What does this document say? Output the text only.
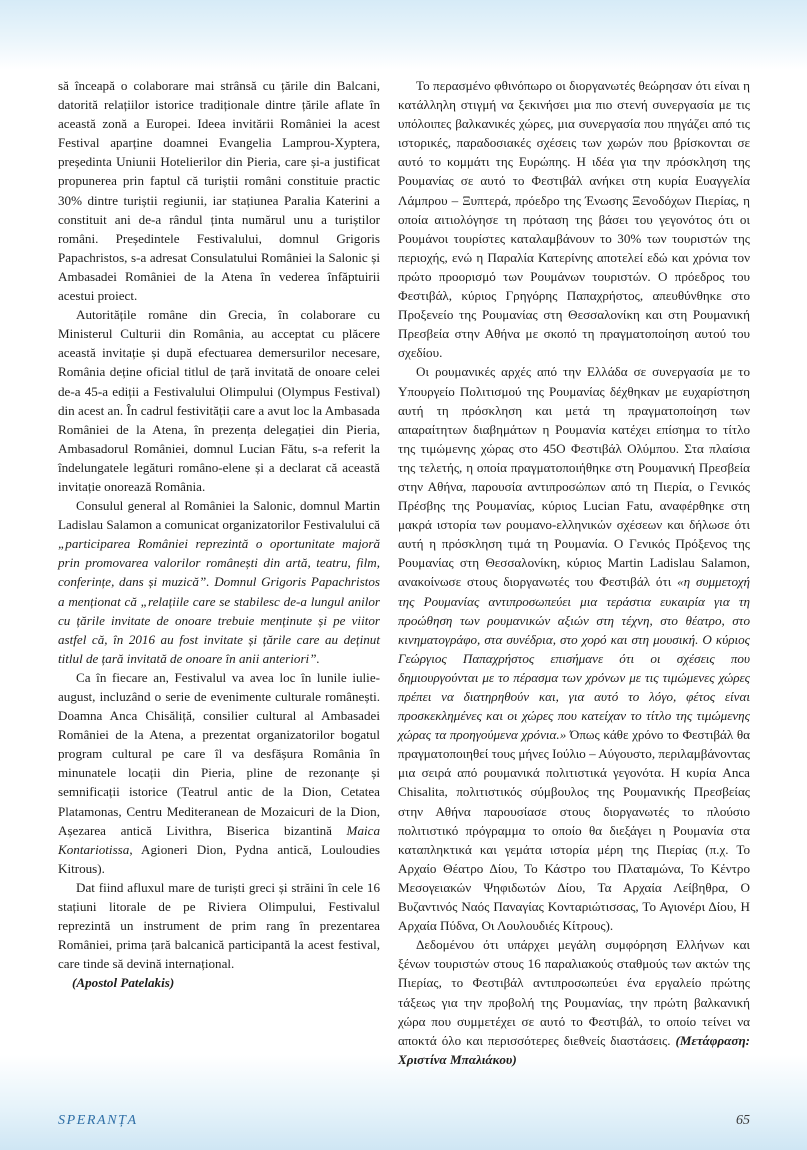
să înceapă o colaborare mai strânsă cu țările din Balcani, datorită relațiilor istorice tradiționale dintre țările aflate în această zonă a Europei. Ideea invitării României la acest Festival aparține doamnei Evangelia Lamprou-Xyptera, președinta Uniunii Hotelierilor din Pieria, care și-a justificat propunerea prin faptul că turiștii români constituie practic 30% dintre turiștii regiunii, iar stațiunea Paralia Katerini a constituit ani de-a rândul ținta numărul unu a turiștilor români. Președintele Festivalului, domnul Grigoris Papachristos, s-a adresat Consulatului României la Salonic și Ambasadei României de la Atena în vederea înfăptuirii acestui proiect.

Autoritățile române din Grecia, în colaborare cu Ministerul Culturii din România, au acceptat cu plăcere această invitație și după efectuarea demersurilor necesare, România deține oficial titlul de țară invitată de onoare celei de-a 45-a ediții a Festivalului Olimpului (Olympus Festival) din acest an. În cadrul festivității care a avut loc la Ambasada României de la Atena, în prezența delegației din Pieria, Ambasadorul României, domnul Lucian Fătu, s-a referit la îndelungatele legături româno-elene și a declarat că această invitație onorează România.

Consulul general al României la Salonic, domnul Martin Ladislau Salamon a comunicat organizatorilor Festivalului că „participarea României reprezintă o oportunitate majoră prin promovarea valorilor românești din artă, teatru, film, conferințe, dans și muzică”. Domnul Grigoris Papachristos a menționat că „relațiile care se stabilesc de-a lungul anilor cu țările invitate de onoare trebuie menținute și pe viitor astfel că, în 2016 au fost invitate și țările care au deținut titlul de țară invitată de onoare în anii anteriori”.

Ca în fiecare an, Festivalul va avea loc în lunile iulie-august, incluzând o serie de evenimente culturale românești. Doamna Anca Chisăliță, consilier cultural al Ambasadei României de la Atena, a prezentat organizatorilor bogatul program cultural pe care îl va desfășura România în minunatele locații din Pieria, pline de rezonanțe și semnificații istorice (Teatrul antic de la Dion, Cetatea Platamonas, Centru Mediteranean de Mozaicuri de la Dion, Așezarea antică Livithra, Biserica bizantină Maica Kontariotissa, Agioneri Dion, Pydna antică, Louloudies Kitrous).

Dat fiind afluxul mare de turiști greci și străini în cele 16 stațiuni litorale de pe Riviera Olimpului, Festivalul reprezintă un instrument de prim rang în prezentarea României, prima țară balcanică participantă la acest festival, care tinde să devină internațional.

(Apostol Patelakis)

Το περασμένο φθινόπωρο οι διοργανωτές θεώρησαν ότι είναι η κατάλληλη στιγμή να ξεκινήσει μια πιο στενή συνεργασία με τις υπόλοιπες βαλκανικές χώρες, μια συνεργασία που πηγάζει από τις ιστορικές, παραδοσιακές σχέσεις των χωρών που βρίσκονται σε αυτό το κομμάτι της Ευρώπης. Η ιδέα για την πρόσκληση της Ρουμανίας σε αυτό το Φεστιβάλ ανήκει στη κυρία Ευαγγελία Λάμπρου – Ξυπτερά, πρόεδρο της Ένωσης Ξενοδόχων Πιερίας, η οποία αιτιολόγησε τη πρόταση της βάσει του γεγονότος ότι οι Ρουμάνοι τουρίστες καταλαμβάνουν το 30% των τουριστών της περιοχής, ενώ η Παραλία Κατερίνης αποτελεί εδώ και χρόνια τον πρώτο προορισμό των Ρουμάνων τουριστών. Ο πρόεδρος του Φεστιβάλ, κύριος Γρηγόρης Παπαχρήστος, απευθύνθηκε στο Προξενείο της Ρουμανίας στη Θεσσαλονίκη και στη Ρουμανική Πρεσβεία στην Αθήνα με σκοπό τη πραγματοποίηση αυτού του σχεδίου.

Οι ρουμανικές αρχές από την Ελλάδα σε συνεργασία με το Υπουργείο Πολιτισμού της Ρουμανίας δέχθηκαν με ευχαρίστηση αυτή τη πρόσκληση και μετά τη πραγματοποίηση των απαραίτητων διαβημάτων η Ρουμανία κατέχει επίσημα το τίτλο της τιμώμενης χώρας στο 45Ο Φεστιβάλ Ολύμπου. Στα πλαίσια της τελετής, η οποία πραγματοποιήθηκε στη Ρουμανική Πρεσβεία στην Αθήνα, παρουσία αντιπροσώπων από τη Πιερία, ο Γενικός Πρέσβης της Ρουμανίας, κύριος Lucian Fatu, αναφέρθηκε στη μακρά ιστορία των ρουμανο-ελληνικών σχέσεων και δήλωσε ότι αυτή η πρόσκληση τιμά τη Ρουμανία. Ο Γενικός Πρόξενος της Ρουμανίας στη Θεσσαλονίκη, κύριος Martin Ladislau Salamon, ανακοίνωσε στους διοργανωτές του Φεστιβάλ ότι «η συμμετοχή της Ρουμανίας αντιπροσωπεύει μια τεράστια ευκαιρία για τη προώθηση των ρουμανικών αξιών στη τέχνη, στο θέατρο, στο κινηματογράφο, στα συνέδρια, στο χορό και στη μουσική. Ο κύριος Γεώργιος Παπαχρήστος επισήμανε ότι οι σχέσεις που δημιουργούνται με το πέρασμα των χρόνων με τις τιμώμενες χώρες πρέπει να διατηρηθούν και, για αυτό το λόγο, φέτος είναι προσκεκλημένες και οι χώρες που κατείχαν το τίτλο της τιμώμενης χώρας τα προηγούμενα χρόνια.» Όπως κάθε χρόνο το Φεστιβάλ θα πραγματοποιηθεί τους μήνες Ιούλιο – Αύγουστο, περιλαμβάνοντας μια σειρά από ρουμανικά πολιτιστικά γεγονότα. Η κυρία Anca Chisalita, πολιτιστικός σύμβουλος της Ρουμανικής Πρεσβείας στην Αθήνα παρουσίασε στους διοργανωτές το πλούσιο πολιτιστικό πρόγραμμα το οποίο θα διεξάγει η Ρουμανία στα καταπληκτικά και γεμάτα ιστορία μέρη της Πιερίας (π.χ. Το Αρχαίο Θέατρο Δίου, Το Κάστρο του Πλαταμώνα, Το Κέντρο Μεσογειακών Ψηφιδωτών Δίου, Τα Αρχαία Λείβηθρα, Ο Βυζαντινός Ναός Παναγίας Κονταριώτισσας, Το Αγιονέρι Δίου, Η Αρχαία Πύδνα, Οι Λουλουδιές Κίτρους).

Δεδομένου ότι υπάρχει μεγάλη συμφόρηση Ελλήνων και ξένων τουριστών στους 16 παραλιακούς σταθμούς των ακτών της Πιερίας, το Φεστιβάλ αντιπροσωπεύει ένα εργαλείο πρώτης τάξεως για την προβολή της Ρουμανίας, την πρώτη βαλκανική χώρα που συμμετέχει σε αυτό το Φεστιβάλ, το οποίο τείνει να αποκτά όλο και περισσότερες διεθνείς διαστάσεις. (Μετάφραση: Χριστίνα Μπαλιάκου)

SPERANȚA	65
